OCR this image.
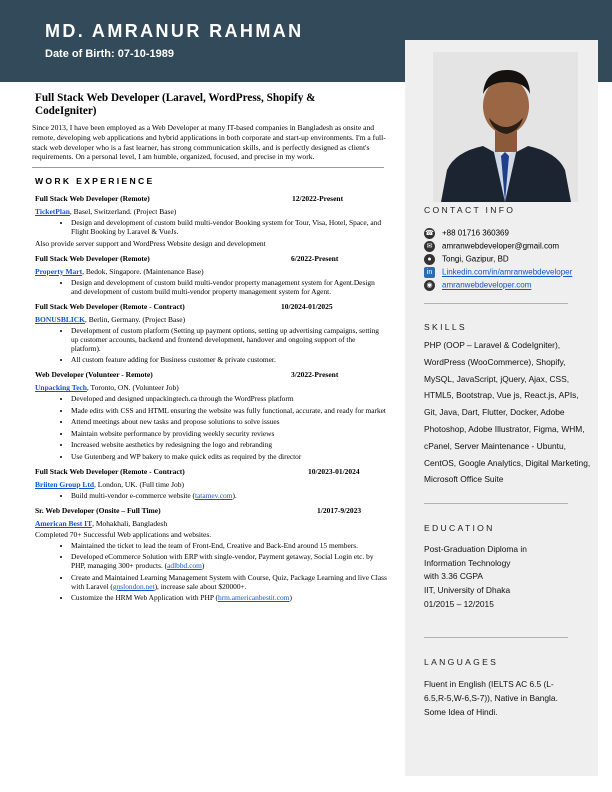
MD. AMRANUR RAHMAN
Date of Birth: 07-10-1989
Full Stack Web Developer (Laravel, WordPress, Shopify & CodeIgniter)
Since 2013, I have been employed as a Web Developer at many IT-based companies in Bangladesh as onsite and remote, developing web applications and hybrid applications in both corporate and start-up environments. I'm a full-stack web developer who is a fast learner, has strong communication skills, and is perfectly designed as client's requirements. On a personal level, I am humble, organized, focused, and precise in my work.
WORK EXPERIENCE
Full Stack Web Developer (Remote)	12/2022-Present
TicketPlan, Basel, Switzerland. (Project Base)
• Design and development of custom build multi-vendor Booking system for Tour, Visa, Hotel, Space, and Flight Booking by Laravel & VueJs.
Also provide server support and WordPress Website design and development
Full Stack Web Developer (Remote)	6/2022-Present
Property Mart, Bedok, Singapore. (Maintenance Base)
• Design and development of custom build multi-vendor property management system for Agent.Design and development of custom build multi-vendor property management system for Agent.
Full Stack Web Developer (Remote - Contract)	10/2024-01/2025
BONUSBLICK, Berlin, Germany. (Project Base)
• Development of custom platform (Setting up payment options, setting up advertising campaigns, setting up customer accounts, backend and frontend development, handover and ongoing support of the platform).
• All custom feature adding for Business customer & private customer.
Web Developer (Volunteer - Remote)	3/2022-Present
Unpacking Tech, Toronto, ON. (Volunteer Job)
• Developed and designed unpackingtech.ca through the WordPress platform
• Made edits with CSS and HTML ensuring the website was fully functional, accurate, and ready for market
• Attend meetings about new tasks and propose solutions to solve issues
• Maintain website performance by providing weekly security reviews
• Increased website aesthetics by redesigning the logo and rebranding
• Use Gutenberg and WP bakery to make quick edits as required by the director
Full Stack Web Developer (Remote - Contract)	10/2023-01/2024
Briiten Group Ltd, London, UK. (Full time Job)
• Build multi-vendor e-commerce website (tatamev.com).
Sr. Web Developer (Onsite – Full Time)	1/2017-9/2023
American Best IT, Mohakhali, Bangladesh
Completed 70+ Successful Web applications and websites.
• Maintained the ticket to lead the team of Front-End, Creative and Back-End around 15 members.
• Developed eCommerce Solution with ERP with single-vendor, Payment getaway, Social Login etc. by PHP, managing 300+ products. (adlbbd.com)
• Create and Maintained Learning Management System with Course, Quiz, Package Learning and live Class with Laravel (gnslondon.net), increase sale about $20000+.
• Customize the HRM Web Application with PHP (hrm.americanbestit.com)
CONTACT INFO
☎ +88 01716 360369
✉ amranwebdeveloper@gmail.com
● Tongi, Gazipur, BD
in Linkedin.com/in/amranwebdeveloper
◉ amranwebdeveloper.com
SKILLS
PHP (OOP – Laravel & CodeIgniter), WordPress (WooCommerce), Shopify, MySQL, JavaScript, jQuery, Ajax, CSS, HTML5, Bootstrap, Vue js, React.js, APIs, Git, Java, Dart, Flutter, Docker, Adobe Photoshop, Adobe Illustrator, Figma, WHM, cPanel, Server Maintenance - Ubuntu, CentOS, Google Analytics, Digital Marketing, Microsoft Office Suite
EDUCATION
Post-Graduation Diploma in Information Technology
with 3.36 CGPA
IIT, University of Dhaka
01/2015 – 12/2015
LANGUAGES
Fluent in English (IELTS AC 6.5 (L-6.5,R-5,W-6,S-7)), Native in Bangla. Some Idea of Hindi.
